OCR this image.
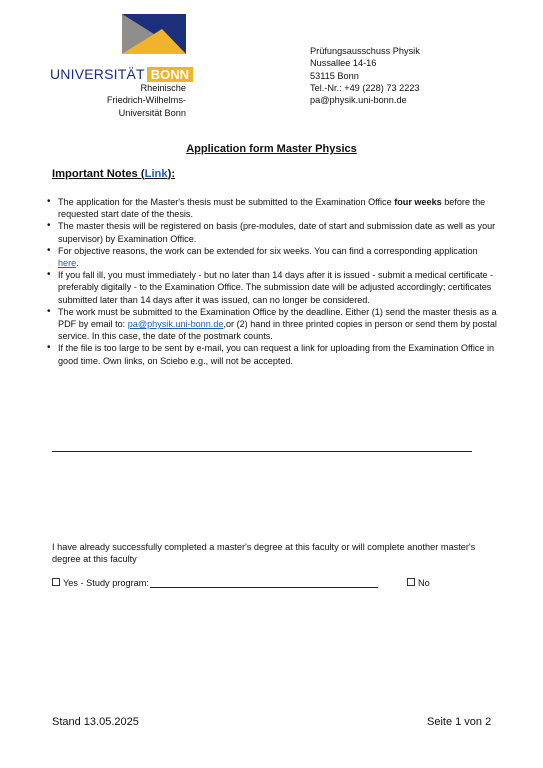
UNIVERSITÄT BONN
Rheinische
Friedrich-Wilhelms-
Universität Bonn
Prüfungsausschuss Physik
Nussallee 14-16
53115 Bonn
Tel.-Nr.: +49 (228) 73 2223
pa@physik.uni-bonn.de
Application form Master Physics
Important Notes (Link):
• The application for the Master's thesis must be submitted to the Examination Office four weeks before the requested start date of the thesis.
• The master thesis will be registered on basis (pre-modules, date of start and submission date as well as your supervisor) by Examination Office.
• For objective reasons, the work can be extended for six weeks. You can find a corresponding application here.
• If you fall ill, you must immediately - but no later than 14 days after it is issued - submit a medical certificate - preferably digitally - to the Examination Office. The submission date will be adjusted accordingly; certificates submitted later than 14 days after it was issued, can no longer be considered.
• The work must be submitted to the Examination Office by the deadline. Either (1) send the master thesis as a PDF by email to: pa@physik.uni-bonn.de,or (2) hand in three printed copies in person or send them by postal service. In this case, the date of the postmark counts.
• If the file is too large to be sent by e-mail, you can request a link for uploading from the Examination Office in good time. Own links, on Sciebo e.g., will not be accepted.
I have already successfully completed a master's degree at this faculty or will complete another master's degree at this faculty
Yes - Study program:	No
Stand 13.05.2025	Seite 1 von 2
